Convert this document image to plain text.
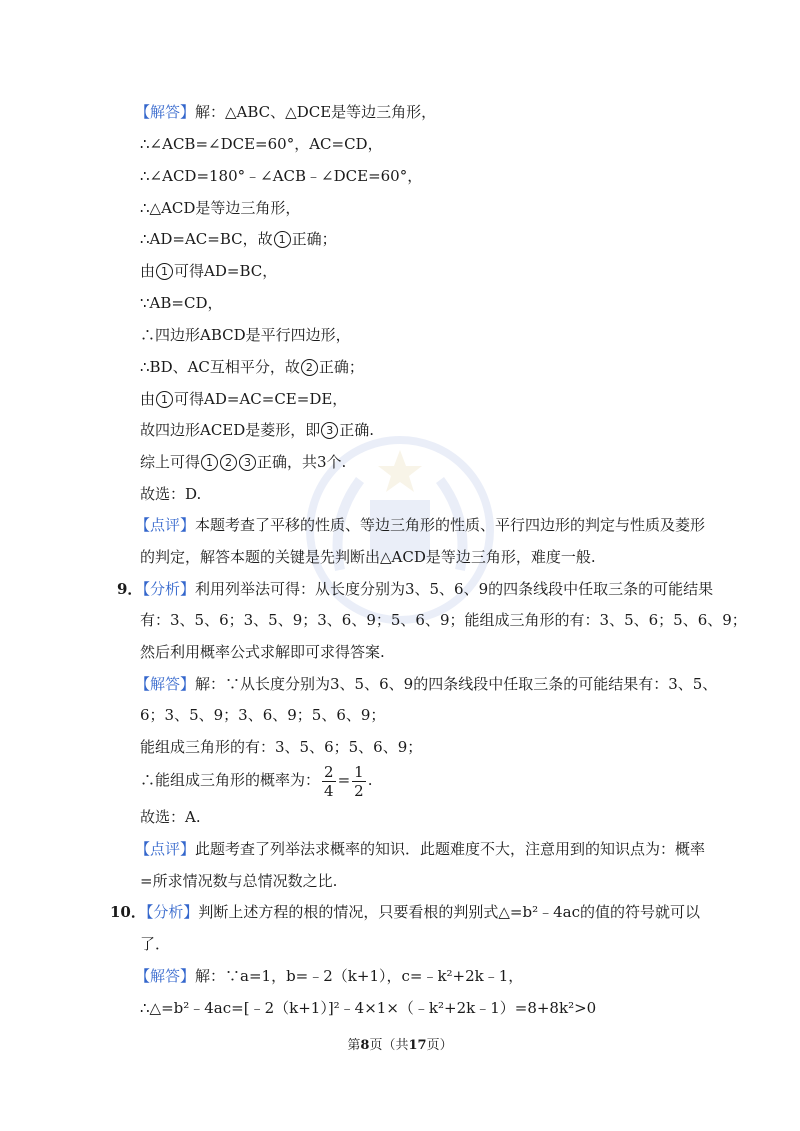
【解答】解：△ABC、△DCE是等边三角形，
∴∠ACB=∠DCE=60°，AC=CD，
∴∠ACD=180°﹣∠ACB﹣∠DCE=60°，
∴△ACD是等边三角形，
∴AD=AC=BC，故 1 正确；
由 1 可得AD=BC，
∵AB=CD，
∴四边形ABCD是平行四边形，
∴BD、AC互相平分，故 2 正确；
由 1 可得AD=AC=CE=DE，
故四边形ACED是菱形，即 3 正确.
综上可得 1 2 3 正确，共3个.
故选：D.
【点评】本题考查了平移的性质、等边三角形的性质、平行四边形的判定与性质及菱形
的判定，解答本题的关键是先判断出△ACD是等边三角形，难度一般.
9．【分析】利用列举法可得：从长度分别为3、5、6、9的四条线段中任取三条的可能结果
有：3、5、6；3、5、9；3、6、9；5、6、9；能组成三角形的有：3、5、6；5、6、9；
然后利用概率公式求解即可求得答案.
【解答】解：∵从长度分别为3、5、6、9的四条线段中任取三条的可能结果有：3、5、
6；3、5、9；3、6、9；5、6、9；
能组成三角形的有：3、5、6；5、6、9；
∴能组成三角形的概率为： $\frac{2}{4} = \frac{1}{2}$ .
故选：A.
【点评】此题考查了列举法求概率的知识．此题难度不大，注意用到的知识点为：概率
=所求情况数与总情况数之比.
10．【分析】判断上述方程的根的情况，只要看根的判别式△=b²﹣4ac的值的符号就可以
了．
【解答】解：∵a=1，b=﹣2（k+1），c=﹣k²+2k﹣1，
∴△=b²﹣4ac=[﹣2（k+1）]²﹣4×1×（﹣k²+2k﹣1）=8+8k²>0
第8页（共17页）
